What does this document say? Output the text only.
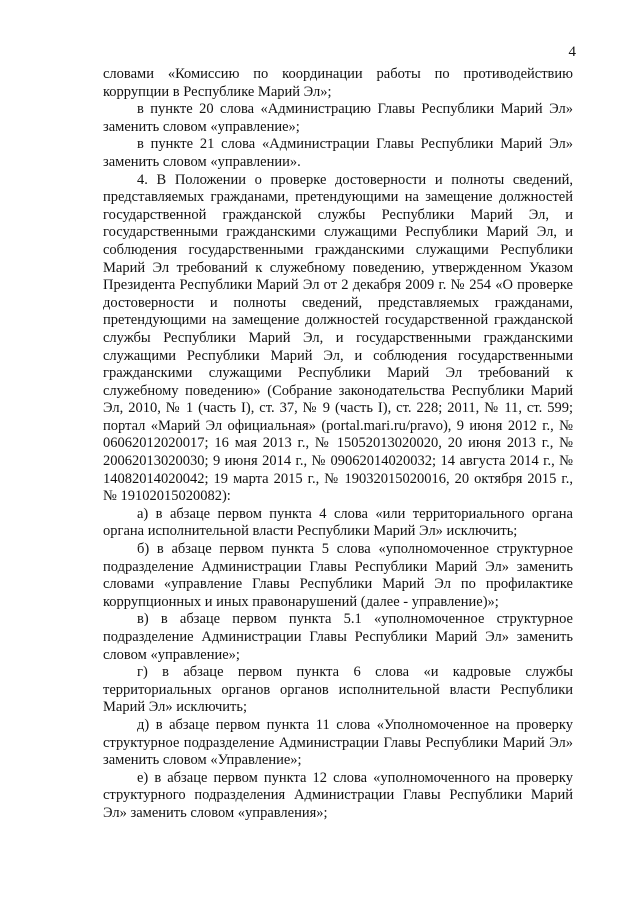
4

словами «Комиссию по координации работы по противодействию коррупции в Республике Марий Эл»;

в пункте 20 слова «Администрацию Главы Республики Марий Эл» заменить словом «управление»;

в пункте 21 слова «Администрации Главы Республики Марий Эл» заменить словом «управлении».

4. В Положении о проверке достоверности и полноты сведений, представляемых гражданами, претендующими на замещение должностей государственной гражданской службы Республики Марий Эл, и государственными гражданскими служащими Республики Марий Эл, и соблюдения государственными гражданскими служащими Республики Марий Эл требований к служебному поведению, утвержденном Указом Президента Республики Марий Эл от 2 декабря 2009 г. № 254 «О проверке достоверности и полноты сведений, представляемых гражданами, претендующими на замещение должностей государственной гражданской службы Республики Марий Эл, и государственными гражданскими служащими Республики Марий Эл, и соблюдения государственными гражданскими служащими Республики Марий Эл требований к служебному поведению» (Собрание законодательства Республики Марий Эл, 2010, № 1 (часть I), ст. 37, № 9 (часть I), ст. 228; 2011, № 11, ст. 599; портал «Марий Эл официальная» (portal.mari.ru/pravo), 9 июня 2012 г., № 06062012020017; 16 мая 2013 г., № 15052013020020, 20 июня 2013 г., № 20062013020030; 9 июня 2014 г., № 09062014020032; 14 августа 2014 г., № 14082014020042; 19 марта 2015 г., № 19032015020016, 20 октября 2015 г., № 19102015020082):

а) в абзаце первом пункта 4 слова «или территориального органа органа исполнительной власти Республики Марий Эл» исключить;

б) в абзаце первом пункта 5 слова «уполномоченное структурное подразделение Администрации Главы Республики Марий Эл» заменить словами «управление Главы Республики Марий Эл по профилактике коррупционных и иных правонарушений (далее - управление)»;

в) в абзаце первом пункта 5.1 «уполномоченное структурное подразделение Администрации Главы Республики Марий Эл» заменить словом «управление»;

г) в абзаце первом пункта 6 слова «и кадровые службы территориальных органов органов исполнительной власти Республики Марий Эл» исключить;

д) в абзаце первом пункта 11 слова «Уполномоченное на проверку структурное подразделение Администрации Главы Республики Марий Эл» заменить словом «Управление»;

е) в абзаце первом пункта 12 слова «уполномоченного на проверку структурного подразделения Администрации Главы Республики Марий Эл» заменить словом «управления»;
